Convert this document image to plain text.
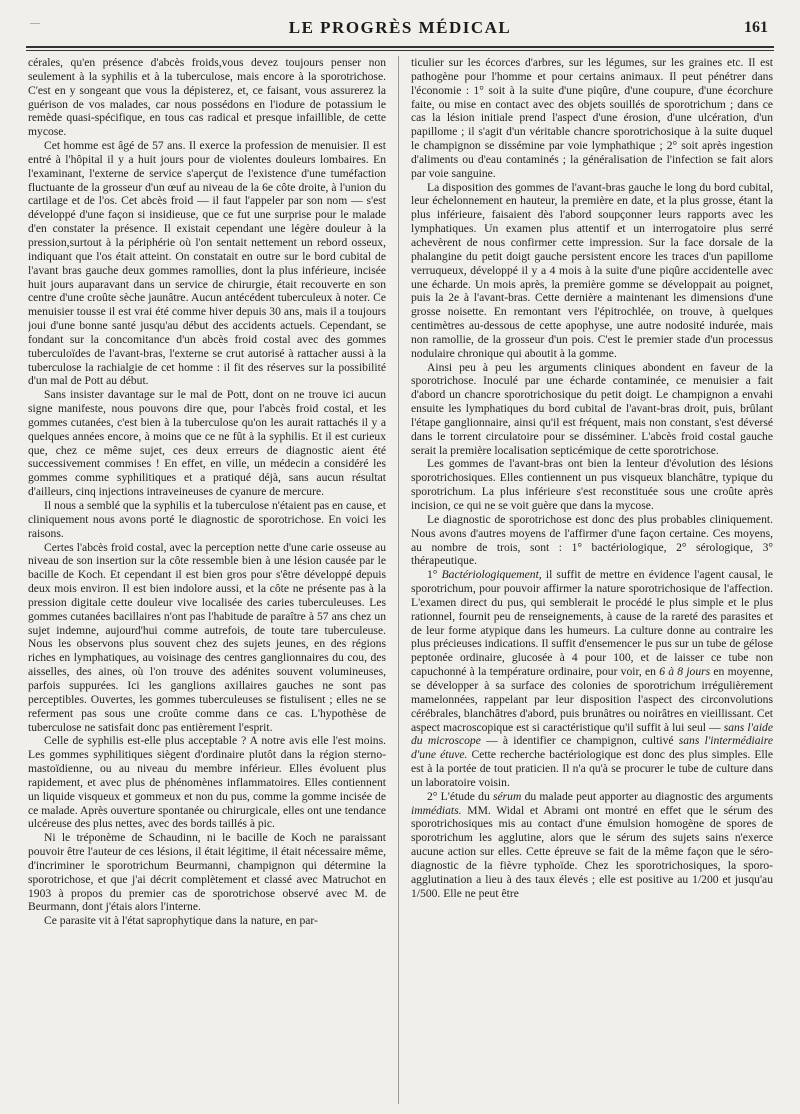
—	LE PROGRÈS MÉDICAL	161

cérales, qu'en présence d'abcès froids,vous devez toujours penser non seulement à la syphilis et à la tuberculose, mais encore à la sporotrichose. C'est en y songeant que vous la dépisterez, et, ce faisant, vous assurerez la guérison de vos malades, car nous possédons en l'iodure de potassium le remède quasi-spécifique, en tous cas radical et presque infaillible, de cette mycose.

Cet homme est âgé de 57 ans. Il exerce la profession de menuisier. Il est entré à l'hôpital il y a huit jours pour de violentes douleurs lombaires. En l'examinant, l'externe de service s'aperçut de l'existence d'une tuméfaction fluctuante de la grosseur d'un œuf au niveau de la 6e côte droite, à l'union du cartilage et de l'os. Cet abcès froid — il faut l'appeler par son nom — s'est développé d'une façon si insidieuse, que ce fut une surprise pour le malade d'en constater la présence. Il existait cependant une légère douleur à la pression,surtout à la périphérie où l'on sentait nettement un rebord osseux, indiquant que l'os était atteint. On constatait en outre sur le bord cubital de l'avant bras gauche deux gommes ramollies, dont la plus inférieure, incisée huit jours auparavant dans un service de chirurgie, était recouverte en son centre d'une croûte sèche jaunâtre. Aucun antécédent tuberculeux à noter. Ce menuisier tousse il est vrai été comme hiver depuis 30 ans, mais il a toujours joui d'une bonne santé jusqu'au début des accidents actuels. Cependant, se fondant sur la concomitance d'un abcès froid costal avec des gommes tuberculoïdes de l'avant-bras, l'externe se crut autorisé à rattacher aussi à la tuberculose la rachialgie de cet homme : il fit des réserves sur la possibilité d'un mal de Pott au début.

Sans insister davantage sur le mal de Pott, dont on ne trouve ici aucun signe manifeste, nous pouvons dire que, pour l'abcès froid costal, et les gommes cutanées, c'est bien à la tuberculose qu'on les aurait rattachés il y a quelques années encore, à moins que ce ne fût à la syphilis. Et il est curieux que, chez ce même sujet, ces deux erreurs de diagnostic aient été successivement commises ! En effet, en ville, un médecin a considéré les gommes comme syphilitiques et a pratiqué déjà, sans aucun résultat d'ailleurs, cinq injections intraveineuses de cyanure de mercure.

Il nous a semblé que la syphilis et la tuberculose n'étaient pas en cause, et cliniquement nous avons porté le diagnostic de sporotrichose. En voici les raisons.

Certes l'abcès froid costal, avec la perception nette d'une carie osseuse au niveau de son insertion sur la côte ressemble bien à une lésion causée par le bacille de Koch. Et cependant il est bien gros pour s'être développé depuis deux mois environ. Il est bien indolore aussi, et la côte ne présente pas à la pression digitale cette douleur vive localisée des caries tuberculeuses. Les gommes cutanées bacillaires n'ont pas l'habitude de paraître à 57 ans chez un sujet indemne, aujourd'hui comme autrefois, de toute tare tuberculeuse. Nous les observons plus souvent chez des sujets jeunes, en des régions riches en lymphatiques, au voisinage des centres ganglionnaires du cou, des aisselles, des aines, où l'on trouve des adénites souvent volumineuses, parfois suppurées. Ici les ganglions axillaires gauches ne sont pas perceptibles. Ouvertes, les gommes tuberculeuses se fistulisent ; elles ne se referment pas sous une croûte comme dans ce cas. L'hypothèse de tuberculose ne satisfait donc pas entièrement l'esprit.

Celle de syphilis est-elle plus acceptable ? A notre avis elle l'est moins. Les gommes syphilitiques siègent d'ordinaire plutôt dans la région sterno-mastoïdienne, ou au niveau du membre inférieur. Elles évoluent plus rapidement, et avec plus de phénomènes inflammatoires. Elles contiennent un liquide visqueux et gommeux et non du pus, comme la gomme incisée de ce malade. Après ouverture spontanée ou chirurgicale, elles ont une tendance ulcéreuse des plus nettes, avec des bords taillés à pic.

Ni le tréponème de Schaudinn, ni le bacille de Koch ne paraissant pouvoir être l'auteur de ces lésions, il était légitime, il était nécessaire même, d'incriminer le sporotrichum Beurmanni, champignon qui détermine la sporotrichose, et que j'ai décrit complètement et classé avec Matruchot en 1903 à propos du premier cas de sporotrichose observé avec M. de Beurmann, dont j'étais alors l'interne.

Ce parasite vit à l'état saprophytique dans la nature, en par-

ticulier sur les écorces d'arbres, sur les légumes, sur les graines etc. Il est pathogène pour l'homme et pour certains animaux. Il peut pénétrer dans l'économie : 1° soit à la suite d'une piqûre, d'une coupure, d'une écorchure faite, ou mise en contact avec des objets souillés de sporotrichum ; dans ce cas la lésion initiale prend l'aspect d'une érosion, d'une ulcération, d'un papillome ; il s'agit d'un véritable chancre sporotrichosique à la suite duquel le champignon se dissémine par voie lymphathique ; 2° soit après ingestion d'aliments ou d'eau contaminés ; la généralisation de l'infection se fait alors par voie sanguine.

La disposition des gommes de l'avant-bras gauche le long du bord cubital, leur échelonnement en hauteur, la première en date, et la plus grosse, étant la plus inférieure, faisaient dès l'abord soupçonner leurs rapports avec les lymphatiques. Un examen plus attentif et un interrogatoire plus serré achevèrent de nous confirmer cette impression. Sur la face dorsale de la phalangine du petit doigt gauche persistent encore les traces d'un papillome verruqueux, développé il y a 4 mois à la suite d'une piqûre accidentelle avec une écharde. Un mois après, la première gomme se développait au poignet, puis la 2e à l'avant-bras. Cette dernière a maintenant les dimensions d'une grosse noisette. En remontant vers l'épitrochlée, on trouve, à quelques centimètres au-dessous de cette apophyse, une autre nodosité indurée, mais non ramollie, de la grosseur d'un pois. C'est le premier stade d'un processus nodulaire chronique qui aboutit à la gomme.

Ainsi peu à peu les arguments cliniques abondent en faveur de la sporotrichose. Inoculé par une écharde contaminée, ce menuisier a fait d'abord un chancre sporotrichosique du petit doigt. Le champignon a envahi ensuite les lymphatiques du bord cubital de l'avant-bras droit, puis, brûlant l'étape ganglionnaire, ainsi qu'il est fréquent, mais non constant, s'est déversé dans le torrent circulatoire pour se disséminer. L'abcès froid costal gauche serait la première localisation septicémique de cette sporotrichose.

Les gommes de l'avant-bras ont bien la lenteur d'évolution des lésions sporotrichosiques. Elles contiennent un pus visqueux blanchâtre, typique du sporotrichum. La plus inférieure s'est reconstituée sous une croûte après incision, ce qui ne se voit guère que dans la mycose.

Le diagnostic de sporotrichose est donc des plus probables cliniquement. Nous avons d'autres moyens de l'affirmer d'une façon certaine. Ces moyens, au nombre de trois, sont : 1° bactériologique, 2° sérologique, 3° thérapeutique.

1° Bactériologiquement, il suffit de mettre en évidence l'agent causal, le sporotrichum, pour pouvoir affirmer la nature sporotrichosique de l'affection. L'examen direct du pus, qui semblerait le procédé le plus simple et le plus rationnel, fournit peu de renseignements, à cause de la rareté des parasites et de leur forme atypique dans les humeurs. La culture donne au contraire les plus précieuses indications. Il suffit d'ensemencer le pus sur un tube de gélose peptonée ordinaire, glucosée à 4 pour 100, et de laisser ce tube non capuchonné à la température ordinaire, pour voir, en 6 à 8 jours en moyenne, se développer à sa surface des colonies de sporotrichum irrégulièrement mamelonnées, rappelant par leur disposition l'aspect des circonvolutions cérébrales, blanchâtres d'abord, puis brunâtres ou noirâtres en vieillissant. Cet aspect macroscopique est si caractéristique qu'il suffit à lui seul — sans l'aide du microscope — à identifier ce champignon, cultivé sans l'intermédiaire d'une étuve. Cette recherche bactériologique est donc des plus simples. Elle est à la portée de tout praticien. Il n'a qu'à se procurer le tube de culture dans un laboratoire voisin.

2° L'étude du sérum du malade peut apporter au diagnostic des arguments immédiats. MM. Widal et Abrami ont montré en effet que le sérum des sporotrichosiques mis au contact d'une émulsion homogène de spores de sporotrichum les agglutine, alors que le sérum des sujets sains n'exerce aucune action sur elles. Cette épreuve se fait de la même façon que le séro-diagnostic de la fièvre typhoïde. Chez les sporotrichosiques, la sporo-agglutination a lieu à des taux élevés ; elle est positive au 1/200 et jusqu'au 1/500. Elle ne peut être
